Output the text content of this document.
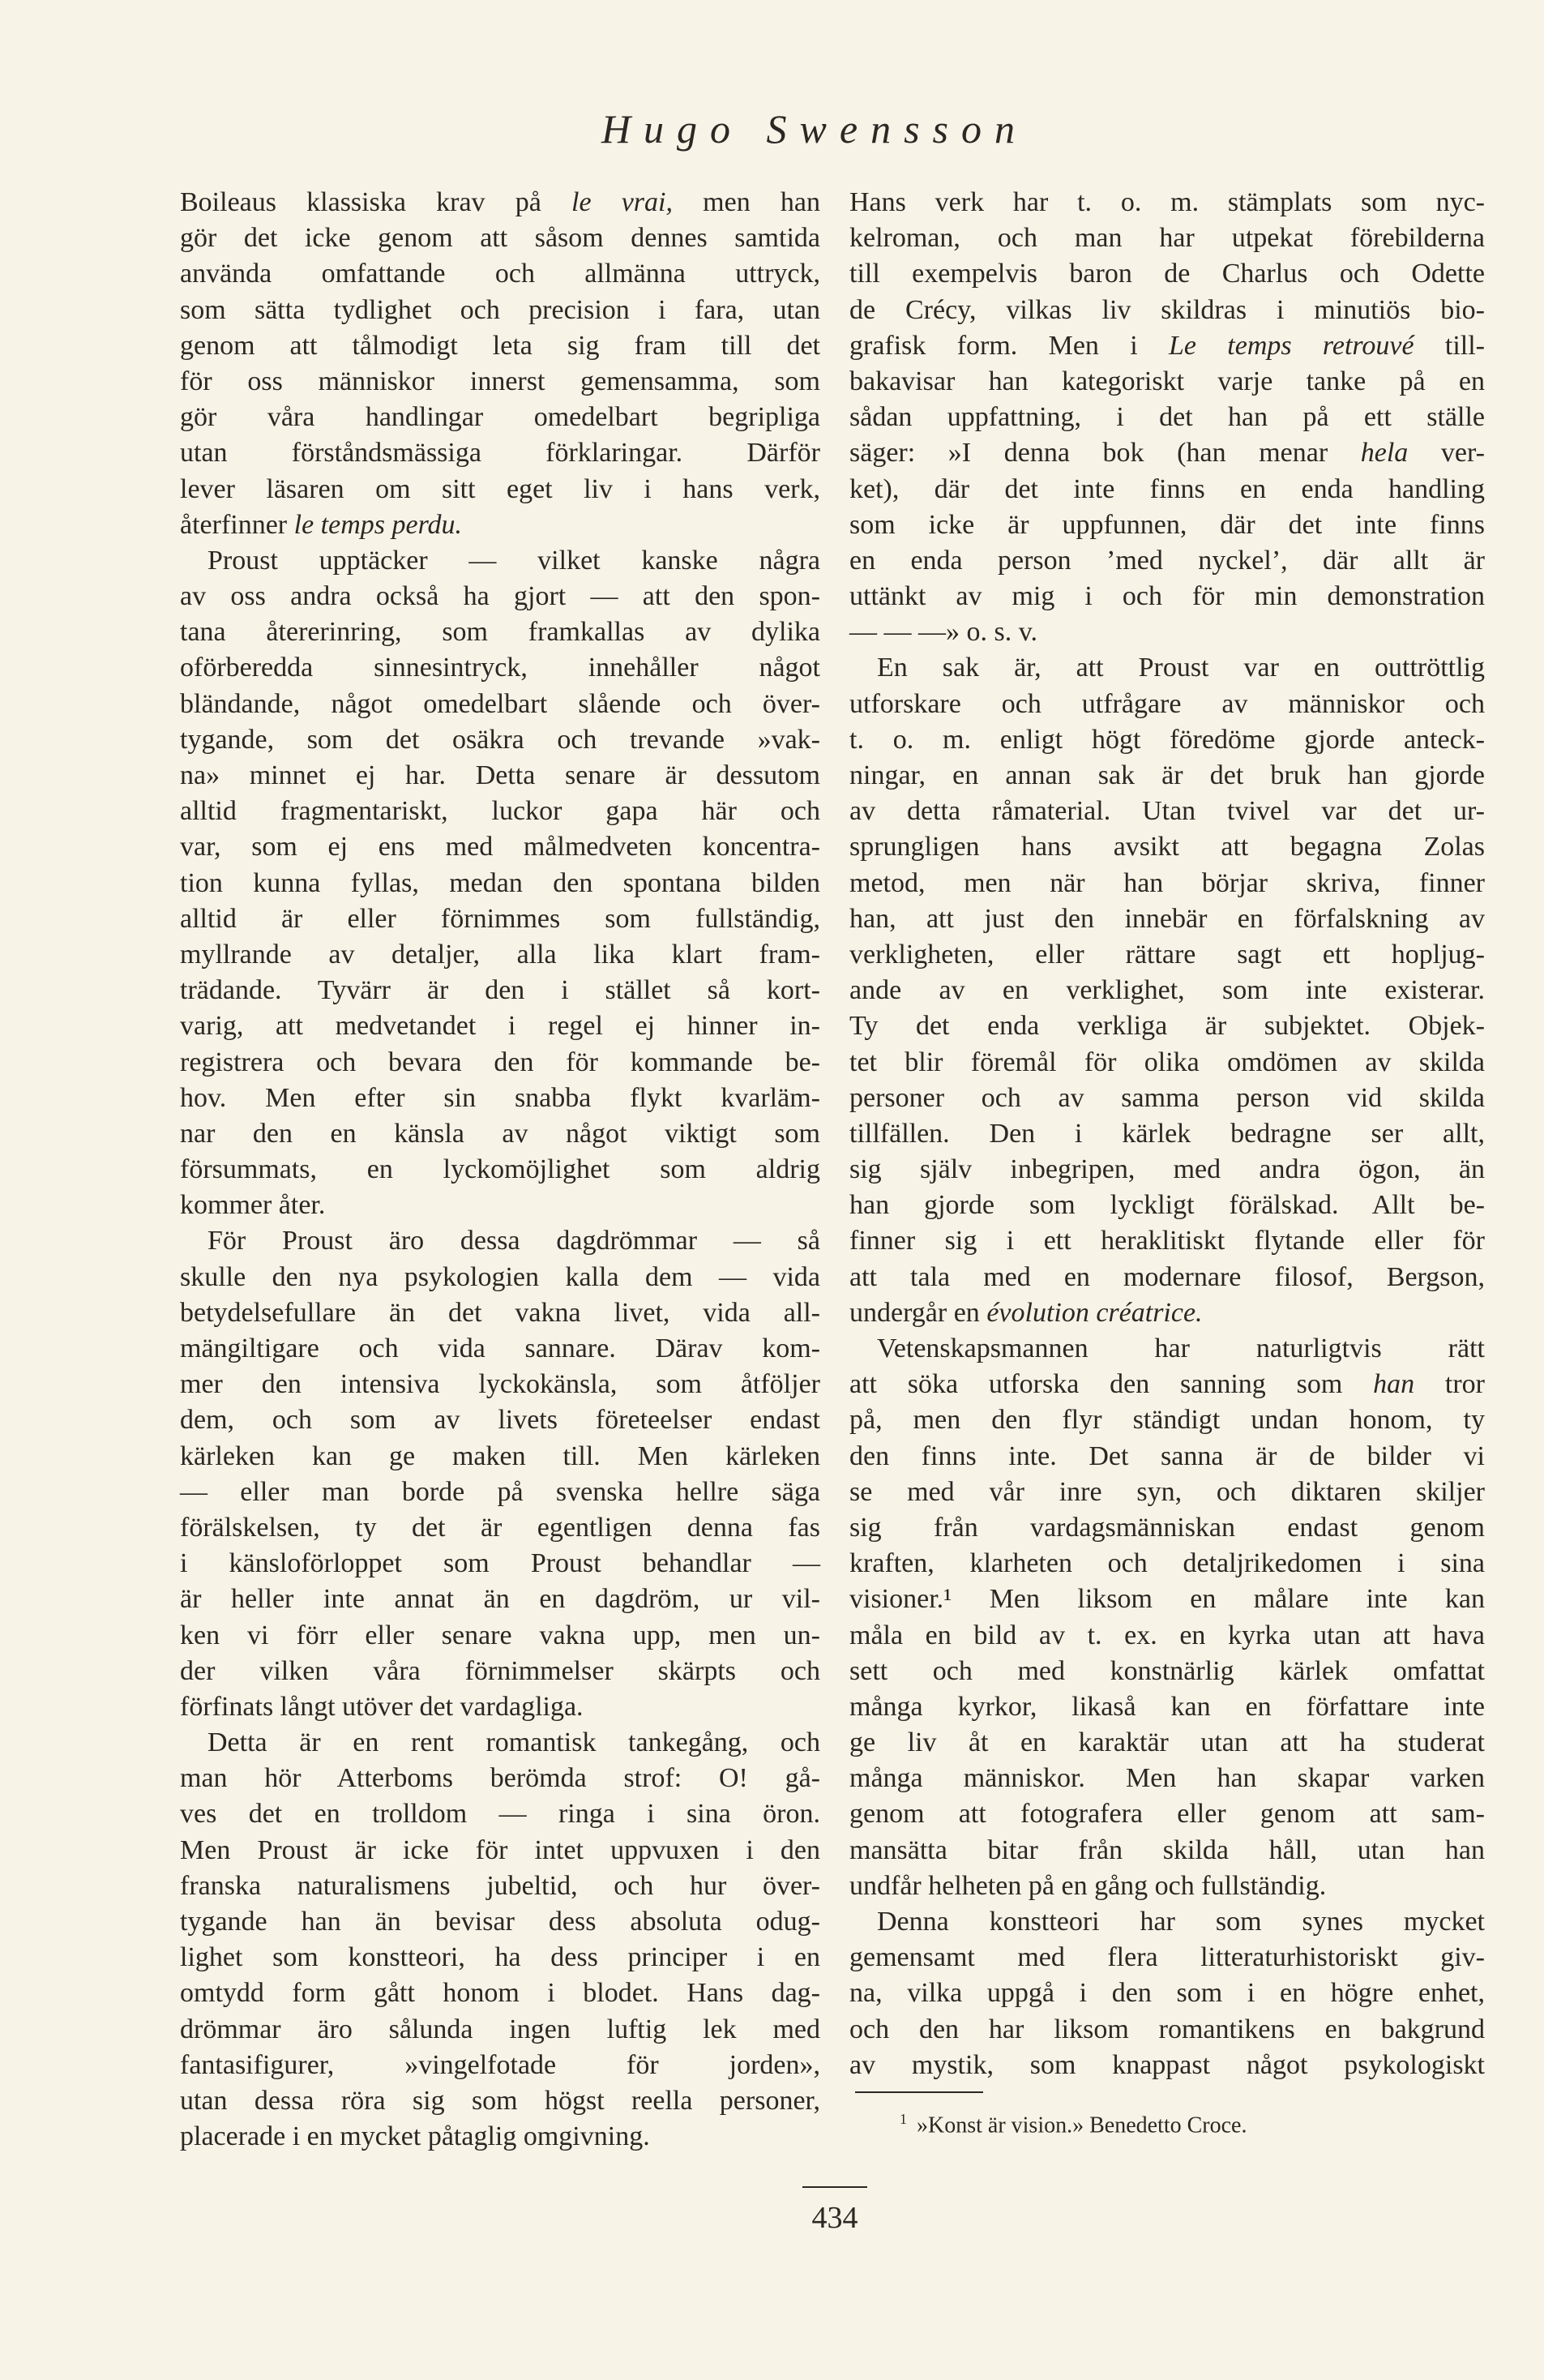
Hugo Swensson
Boileaus klassiska krav på le vrai, men han
gör det icke genom att såsom dennes samtida
använda omfattande och allmänna uttryck,
som sätta tydlighet och precision i fara, utan
genom att tålmodigt leta sig fram till det
för oss människor innerst gemensamma, som
gör våra handlingar omedelbart begripliga
utan förståndsmässiga förklaringar. Därför
lever läsaren om sitt eget liv i hans verk,
återfinner le temps perdu.
Proust upptäcker — vilket kanske några
av oss andra också ha gjort — att den spon-
tana återerinring, som framkallas av dylika
oförberedda sinnesintryck, innehåller något
bländande, något omedelbart slående och över-
tygande, som det osäkra och trevande »vak-
na» minnet ej har. Detta senare är dessutom
alltid fragmentariskt, luckor gapa här och
var, som ej ens med målmedveten koncentra-
tion kunna fyllas, medan den spontana bilden
alltid är eller förnimmes som fullständig,
myllrande av detaljer, alla lika klart fram-
trädande. Tyvärr är den i stället så kort-
varig, att medvetandet i regel ej hinner in-
registrera och bevara den för kommande be-
hov. Men efter sin snabba flykt kvarläm-
nar den en känsla av något viktigt som
försummats, en lyckomöjlighet som aldrig
kommer åter.
För Proust äro dessa dagdrömmar — så
skulle den nya psykologien kalla dem — vida
betydelsefullare än det vakna livet, vida all-
mängiltigare och vida sannare. Därav kom-
mer den intensiva lyckokänsla, som åtföljer
dem, och som av livets företeelser endast
kärleken kan ge maken till. Men kärleken
— eller man borde på svenska hellre säga
förälskelsen, ty det är egentligen denna fas
i känsloförloppet som Proust behandlar —
är heller inte annat än en dagdröm, ur vil-
ken vi förr eller senare vakna upp, men un-
der vilken våra förnimmelser skärpts och
förfinats långt utöver det vardagliga.
Detta är en rent romantisk tankegång, och
man hör Atterboms berömda strof: O! gå-
ves det en trolldom — ringa i sina öron.
Men Proust är icke för intet uppvuxen i den
franska naturalismens jubeltid, och hur över-
tygande han än bevisar dess absoluta odug-
lighet som konstteori, ha dess principer i en
omtydd form gått honom i blodet. Hans dag-
drömmar äro sålunda ingen luftig lek med
fantasifigurer, »vingelfotade för jorden»,
utan dessa röra sig som högst reella personer,
placerade i en mycket påtaglig omgivning.
Hans verk har t. o. m. stämplats som nyc-
kelroman, och man har utpekat förebilderna
till exempelvis baron de Charlus och Odette
de Crécy, vilkas liv skildras i minutiös bio-
grafisk form. Men i Le temps retrouvé till-
bakavisar han kategoriskt varje tanke på en
sådan uppfattning, i det han på ett ställe
säger: »I denna bok (han menar hela ver-
ket), där det inte finns en enda handling
som icke är uppfunnen, där det inte finns
en enda person ’med nyckel’, där allt är
uttänkt av mig i och för min demonstration
— — —» o. s. v.
En sak är, att Proust var en outtröttlig
utforskare och utfrågare av människor och
t. o. m. enligt högt föredöme gjorde anteck-
ningar, en annan sak är det bruk han gjorde
av detta råmaterial. Utan tvivel var det ur-
sprungligen hans avsikt att begagna Zolas
metod, men när han börjar skriva, finner
han, att just den innebär en förfalskning av
verkligheten, eller rättare sagt ett hopljug-
ande av en verklighet, som inte existerar.
Ty det enda verkliga är subjektet. Objek-
tet blir föremål för olika omdömen av skilda
personer och av samma person vid skilda
tillfällen. Den i kärlek bedragne ser allt,
sig själv inbegripen, med andra ögon, än
han gjorde som lyckligt förälskad. Allt be-
finner sig i ett heraklitiskt flytande eller för
att tala med en modernare filosof, Bergson,
undergår en évolution créatrice.
Vetenskapsmannen har naturligtvis rätt
att söka utforska den sanning som han tror
på, men den flyr ständigt undan honom, ty
den finns inte. Det sanna är de bilder vi
se med vår inre syn, och diktaren skiljer
sig från vardagsmänniskan endast genom
kraften, klarheten och detaljrikedomen i sina
visioner.¹ Men liksom en målare inte kan
måla en bild av t. ex. en kyrka utan att hava
sett och med konstnärlig kärlek omfattat
många kyrkor, likaså kan en författare inte
ge liv åt en karaktär utan att ha studerat
många människor. Men han skapar varken
genom att fotografera eller genom att sam-
mansätta bitar från skilda håll, utan han
undfår helheten på en gång och fullständig.
Denna konstteori har som synes mycket
gemensamt med flera litteraturhistoriskt giv-
na, vilka uppgå i den som i en högre enhet,
och den har liksom romantikens en bakgrund
av mystik, som knappast något psykologiskt
$^1$ »Konst är vision.» Benedetto Croce.
434
